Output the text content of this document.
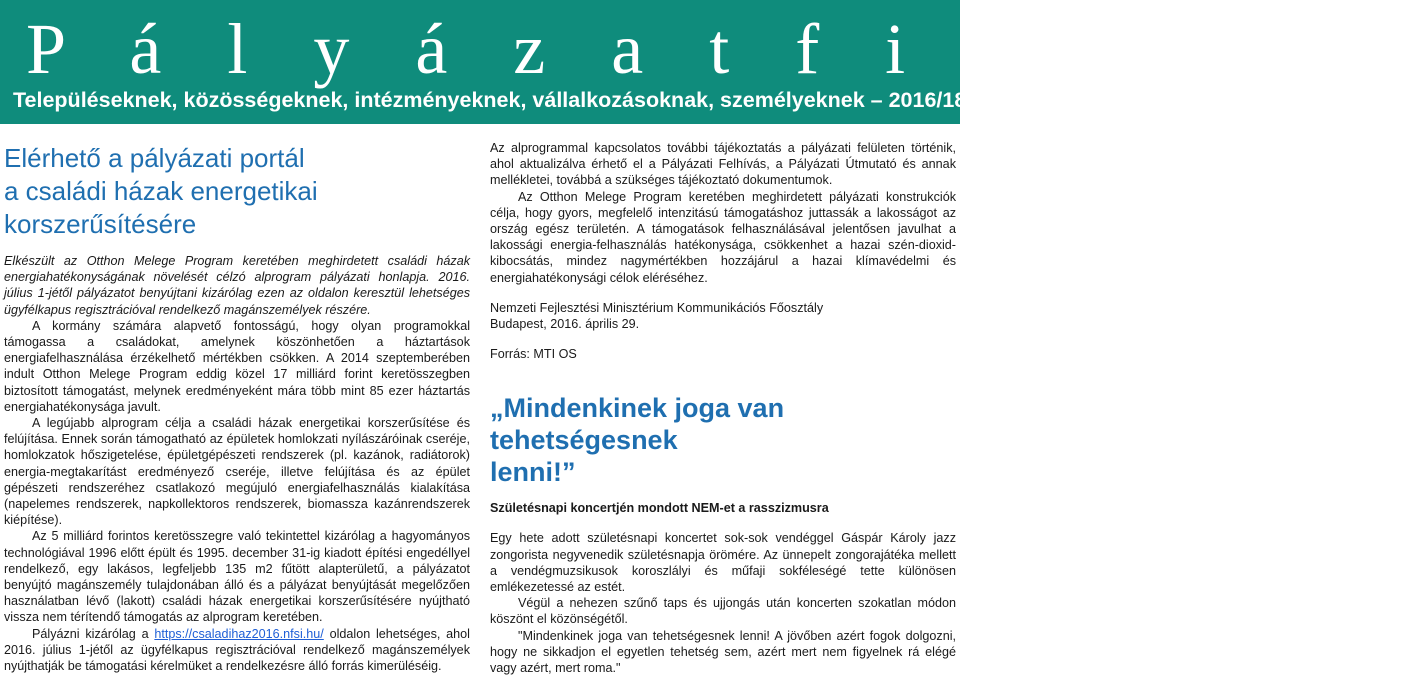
P á l y á z a t f i g y e l ő
Településeknek, közösségeknek, intézményeknek, vállalkozásoknak, személyeknek – 2016/18.
Elérhető a pályázati portál
a családi házak energetikai
korszerűsítésére
Elkészült az Otthon Melege Program keretében meghirdetett családi házak energiahatékonyságának növelését célzó alprogram pályázati honlapja. 2016. július 1-jétől pályázatot benyújtani kizárólag ezen az oldalon keresztül lehetséges ügyfélkapus regisztrációval rendelkező magánszemélyek részére.
A kormány számára alapvető fontosságú, hogy olyan programokkal támogassa a családokat, amelynek köszönhetően a háztartások energiafelhasználása érzékelhető mértékben csökken. A 2014 szeptemberében indult Otthon Melege Program eddig közel 17 milliárd forint keretösszegben biztosított támogatást, melynek eredményeként mára több mint 85 ezer háztartás energiahatékonysága javult.
A legújabb alprogram célja a családi házak energetikai korszerűsítése és felújítása. Ennek során támogatható az épületek homlokzati nyílászáróinak cseréje, homlokzatok hőszigetelése, épületgépészeti rendszerek (pl. kazánok, radiátorok) energia-megtakarítást eredményező cseréje, illetve felújítása és az épület gépészeti rendszeréhez csatlakozó megújuló energiafelhasználás kialakítása (napelemes rendszerek, napkollektoros rendszerek, biomassza kazánrendszerek kiépítése).
Az 5 milliárd forintos keretösszegre való tekintettel kizárólag a hagyományos technológiával 1996 előtt épült és 1995. december 31-ig kiadott építési engedéllyel rendelkező, egy lakásos, legfeljebb 135 m2 fűtött alapterületű, a pályázatot benyújtó magánszemély tulajdonában álló és a pályázat benyújtását megelőzően használatban lévő (lakott) családi házak energetikai korszerűsítésére nyújtható vissza nem térítendő támogatás az alprogram keretében.
Pályázni kizárólag a https://csaladihaz2016.nfsi.hu/ oldalon lehetséges, ahol 2016. július 1-jétől az ügyfélkapus regisztrációval rendelkező magánszemélyek nyújthatják be támogatási kérelmüket a rendelkezésre álló forrás kimerüléséig.
Az alprogrammal kapcsolatos további tájékoztatás a pályázati felületen történik, ahol aktualizálva érhető el a Pályázati Felhívás, a Pályázati Útmutató és annak mellékletei, továbbá a szükséges tájékoztató dokumentumok.
Az Otthon Melege Program keretében meghirdetett pályázati konstrukciók célja, hogy gyors, megfelelő intenzitású támogatáshoz juttassák a lakosságot az ország egész területén. A támogatások felhasználásával jelentősen javulhat a lakossági energia-felhasználás hatékonysága, csökkenhet a hazai szén-dioxid-kibocsátás, mindez nagymértékben hozzájárul a hazai klímavédelmi és energiahatékonysági célok eléréséhez.
Nemzeti Fejlesztési Minisztérium Kommunikációs Főosztály
Budapest, 2016. április 29.
Forrás: MTI OS
„Mindenkinek joga van tehetségesnek
lenni!”
Születésnapi koncertjén mondott NEM-et a rasszizmusra
Egy hete adott születésnapi koncertet sok-sok vendéggel Gáspár Károly jazz zongorista negyvenedik születésnapja örömére. Az ünnepelt zongorajátéka mellett a vendégmuzsikusok koroszlályi és műfaji sokféleségé tette különösen emlékezetessé az estét.
Végül a nehezen szűnő taps és ujjongás után koncerten szokatlan módon köszönt el közönségétől.
"Mindenkinek joga van tehetségesnek lenni! A jövőben azért fogok dolgozni, hogy ne sikkadjon el egyetlen tehetség sem, azért mert nem figyelnek rá elégé vagy azért, mert roma."
